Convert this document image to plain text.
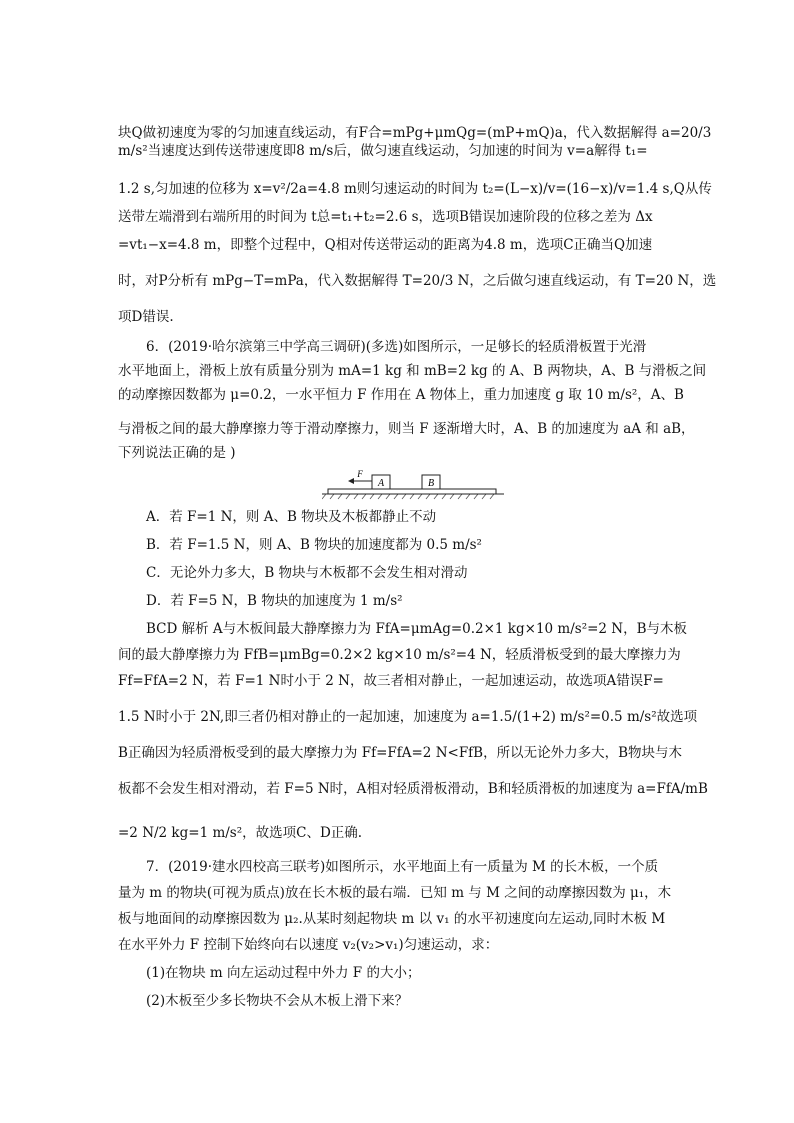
块Q做初速度为零的匀加速直线运动，有F合=mPg+μmQg=(mP+mQ)a，代入数据解得 a=20/3
m/s²当速度达到传送带速度即8 m/s后，做匀速直线运动，匀加速的时间为 v=a解得 t₁=
1.2 s,匀加速的位移为 x=v²/2a=4.8 m则匀速运动的时间为 t₂=(L−x)/v=(16−x)/v=1.4 s,Q从传
送带左端滑到右端所用的时间为 t总=t₁+t₂=2.6 s，选项B错误加速阶段的位移之差为 Δx
=vt₁−x=4.8 m，即整个过程中，Q相对传送带运动的距离为4.8 m，选项C正确当Q加速
时，对P分析有 mPg−T=mPa，代入数据解得 T=20/3 N，之后做匀速直线运动，有 T=20 N，选
项D错误.
6．(2019·哈尔滨第三中学高三调研)(多选)如图所示，一足够长的轻质滑板置于光滑
水平地面上，滑板上放有质量分别为 mA=1 kg 和 mB=2 kg 的 A、B 两物块，A、B 与滑板之间
的动摩擦因数都为 μ=0.2，一水平恒力 F 作用在 A 物体上，重力加速度 g 取 10 m/s²，A、B
与滑板之间的最大静摩擦力等于滑动摩擦力，则当 F 逐渐增大时，A、B 的加速度为 aA 和 aB，
下列说法正确的是 )
A	B
F
A．若 F=1 N，则 A、B 物块及木板都静止不动
B．若 F=1.5 N，则 A、B 物块的加速度都为 0.5 m/s²
C．无论外力多大，B 物块与木板都不会发生相对滑动
D．若 F=5 N，B 物块的加速度为 1 m/s²
BCD 解析 A与木板间最大静摩擦力为 FfA=μmAg=0.2×1 kg×10 m/s²=2 N，B与木板
间的最大静摩擦力为 FfB=μmBg=0.2×2 kg×10 m/s²=4 N，轻质滑板受到的最大摩擦力为
Ff=FfA=2 N，若 F=1 N时小于 2 N，故三者相对静止，一起加速运动，故选项A错误F=
1.5 N时小于 2N,即三者仍相对静止的一起加速，加速度为 a=1.5/(1+2) m/s²=0.5 m/s²故选项
B正确因为轻质滑板受到的最大摩擦力为 Ff=FfA=2 N<FfB，所以无论外力多大，B物块与木
板都不会发生相对滑动，若 F=5 N时，A相对轻质滑板滑动，B和轻质滑板的加速度为 a=FfA/mB
=2 N/2 kg=1 m/s²，故选项C、D正确.
7．(2019·建水四校高三联考)如图所示，水平地面上有一质量为 M 的长木板，一个质
量为 m 的物块(可视为质点)放在长木板的最右端．已知 m 与 M 之间的动摩擦因数为 μ₁，木
板与地面间的动摩擦因数为 μ₂.从某时刻起物块 m 以 v₁ 的水平初速度向左运动,同时木板 M
在水平外力 F 控制下始终向右以速度 v₂(v₂>v₁)匀速运动，求：
(1)在物块 m 向左运动过程中外力 F 的大小；
(2)木板至少多长物块不会从木板上滑下来？
